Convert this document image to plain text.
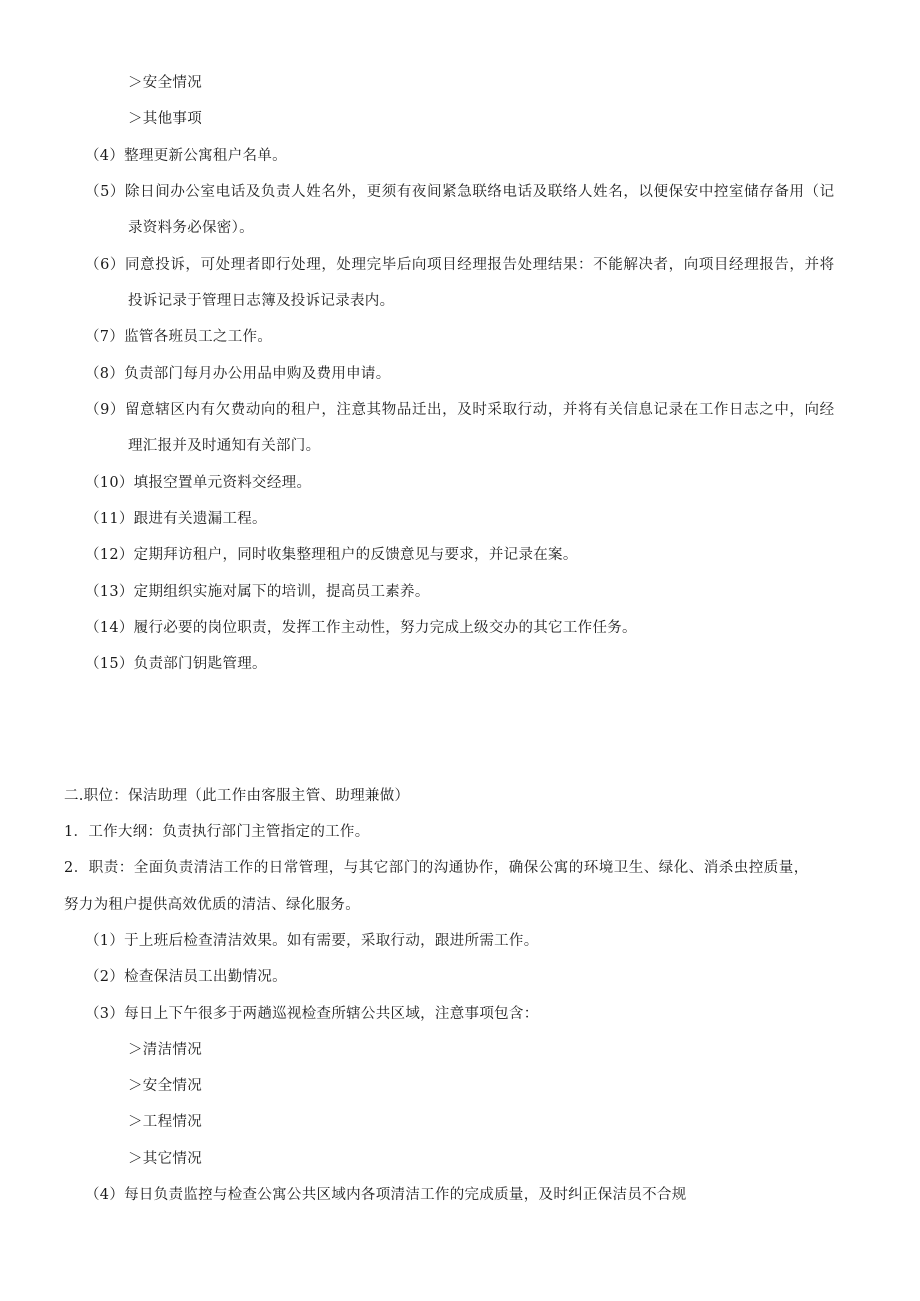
＞安全情况
＞其他事项
（4）整理更新公寓租户名单。
（5）除日间办公室电话及负责人姓名外，更须有夜间紧急联络电话及联络人姓名，以便保安中控室储存备用（记
录资料务必保密）。
（6）同意投诉，可处理者即行处理，处理完毕后向项目经理报告处理结果：不能解决者，向项目经理报告，并将
投诉记录于管理日志簿及投诉记录表内。
（7）监管各班员工之工作。
（8）负责部门每月办公用品申购及费用申请。
（9）留意辖区内有欠费动向的租户，注意其物品迁出，及时采取行动，并将有关信息记录在工作日志之中，向经
理汇报并及时通知有关部门。
（10）填报空置单元资料交经理。
（11）跟进有关遗漏工程。
（12）定期拜访租户，同时收集整理租户的反馈意见与要求，并记录在案。
（13）定期组织实施对属下的培训，提高员工素养。
（14）履行必要的岗位职责，发挥工作主动性，努力完成上级交办的其它工作任务。
（15）负责部门钥匙管理。
二.职位：保洁助理（此工作由客服主管、助理兼做）
1．工作大纲：负责执行部门主管指定的工作。
2．职责：全面负责清洁工作的日常管理，与其它部门的沟通协作，确保公寓的环境卫生、绿化、消杀虫控质量，
努力为租户提供高效优质的清洁、绿化服务。
（1）于上班后检查清洁效果。如有需要，采取行动，跟进所需工作。
（2）检查保洁员工出勤情况。
（3）每日上下午很多于两趟巡视检查所辖公共区域，注意事项包含：
＞清洁情况
＞安全情况
＞工程情况
＞其它情况
（4）每日负责监控与检查公寓公共区域内各项清洁工作的完成质量，及时纠正保洁员不合规
